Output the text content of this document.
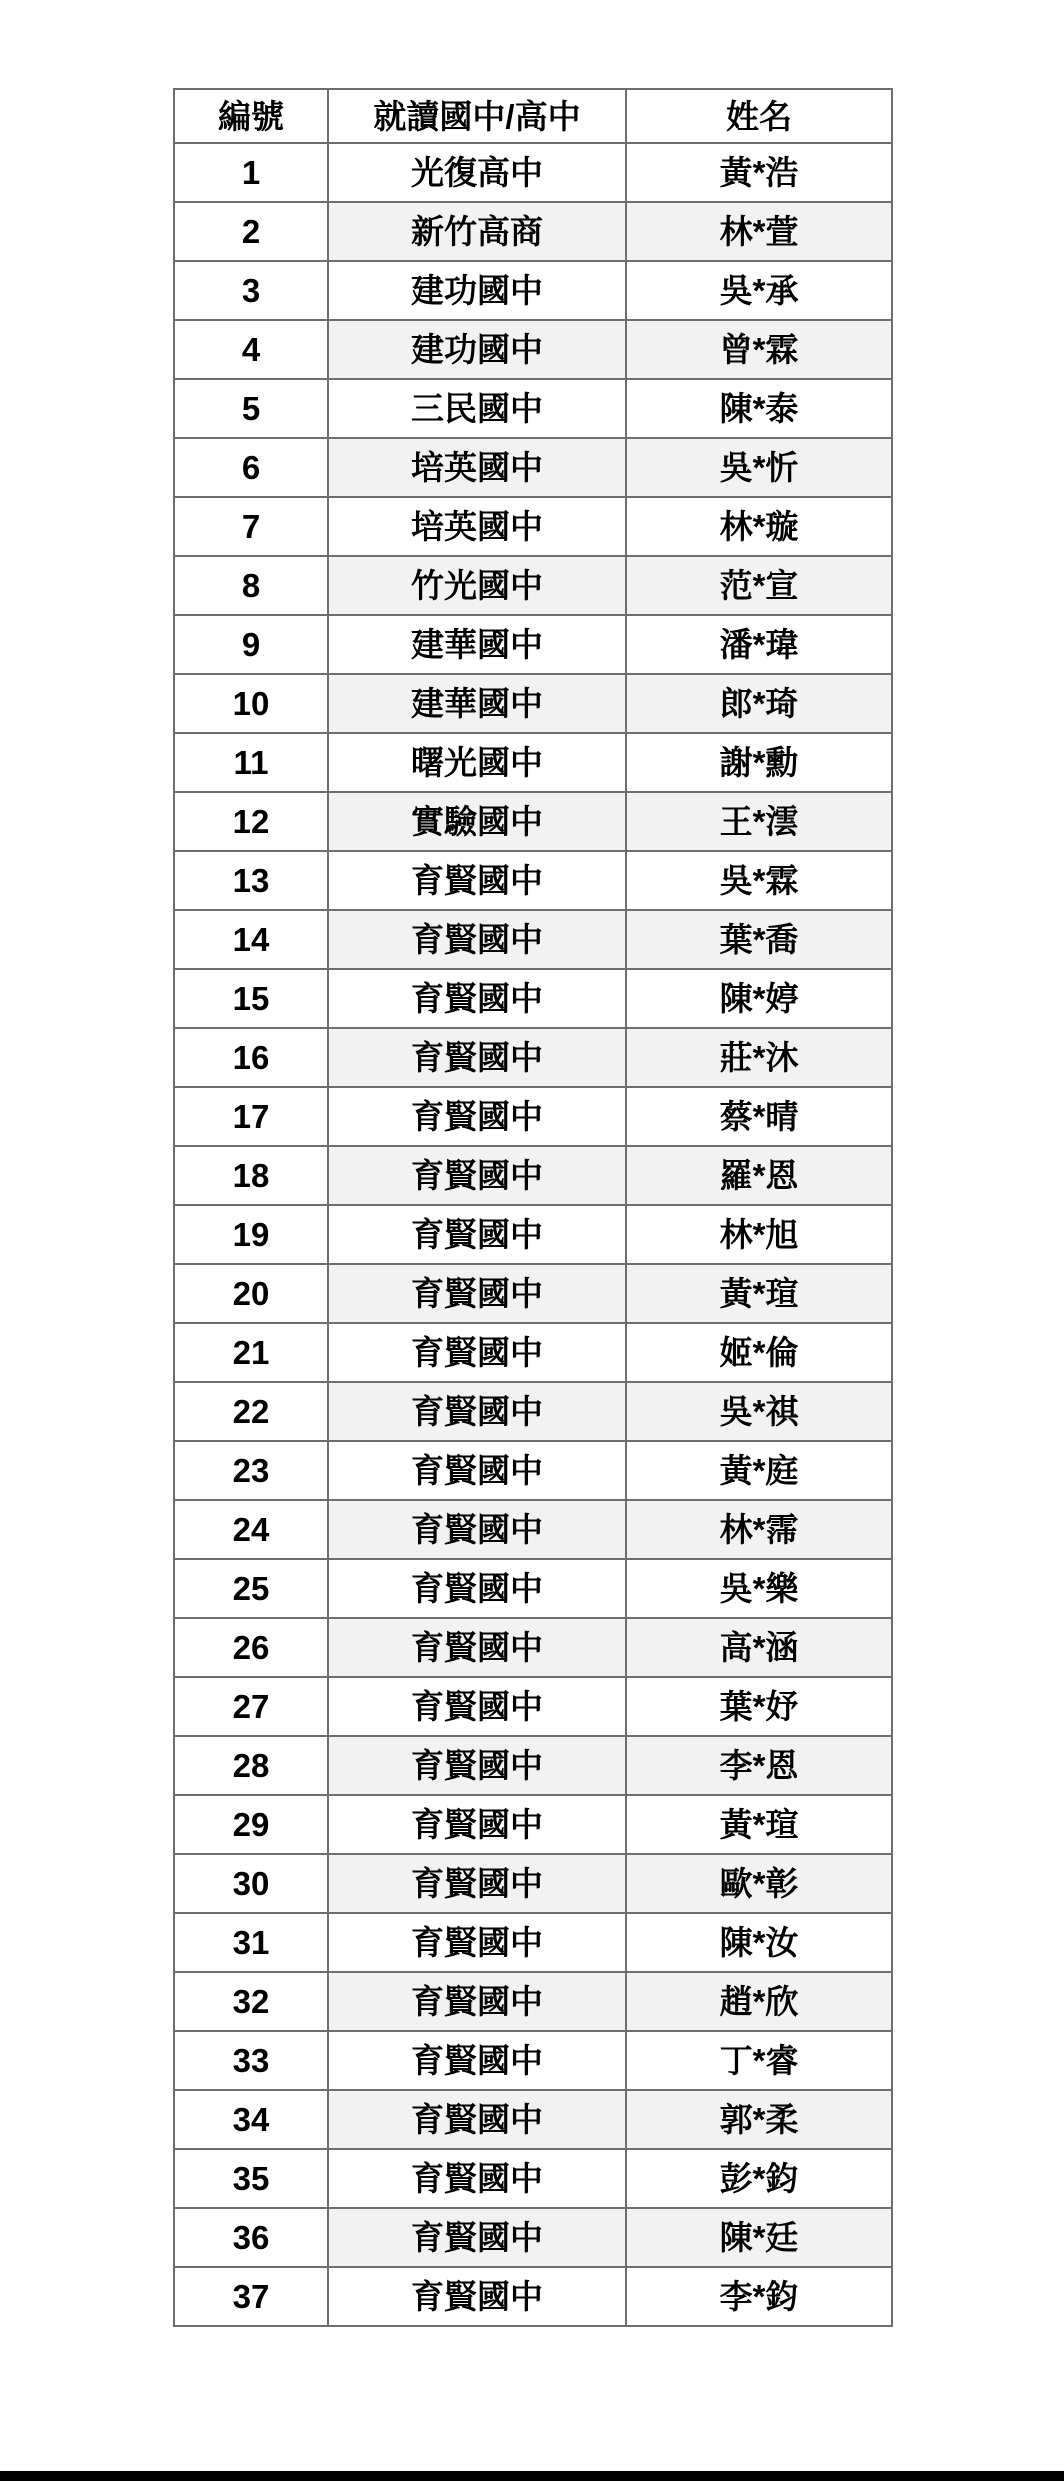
編號	就讀國中/高中	姓名
1	光復高中	黃*浩
2	新竹高商	林*萱
3	建功國中	吳*承
4	建功國中	曾*霖
5	三民國中	陳*泰
6	培英國中	吳*忻
7	培英國中	林*璇
8	竹光國中	范*宣
9	建華國中	潘*瑋
10	建華國中	郎*琦
11	曙光國中	謝*勳
12	實驗國中	王*澐
13	育賢國中	吳*霖
14	育賢國中	葉*喬
15	育賢國中	陳*婷
16	育賢國中	莊*沐
17	育賢國中	蔡*晴
18	育賢國中	羅*恩
19	育賢國中	林*旭
20	育賢國中	黃*瑄
21	育賢國中	姬*倫
22	育賢國中	吳*祺
23	育賢國中	黃*庭
24	育賢國中	林*霈
25	育賢國中	吳*樂
26	育賢國中	高*涵
27	育賢國中	葉*妤
28	育賢國中	李*恩
29	育賢國中	黃*瑄
30	育賢國中	歐*彰
31	育賢國中	陳*汝
32	育賢國中	趙*欣
33	育賢國中	丁*睿
34	育賢國中	郭*柔
35	育賢國中	彭*鈞
36	育賢國中	陳*廷
37	育賢國中	李*鈞
